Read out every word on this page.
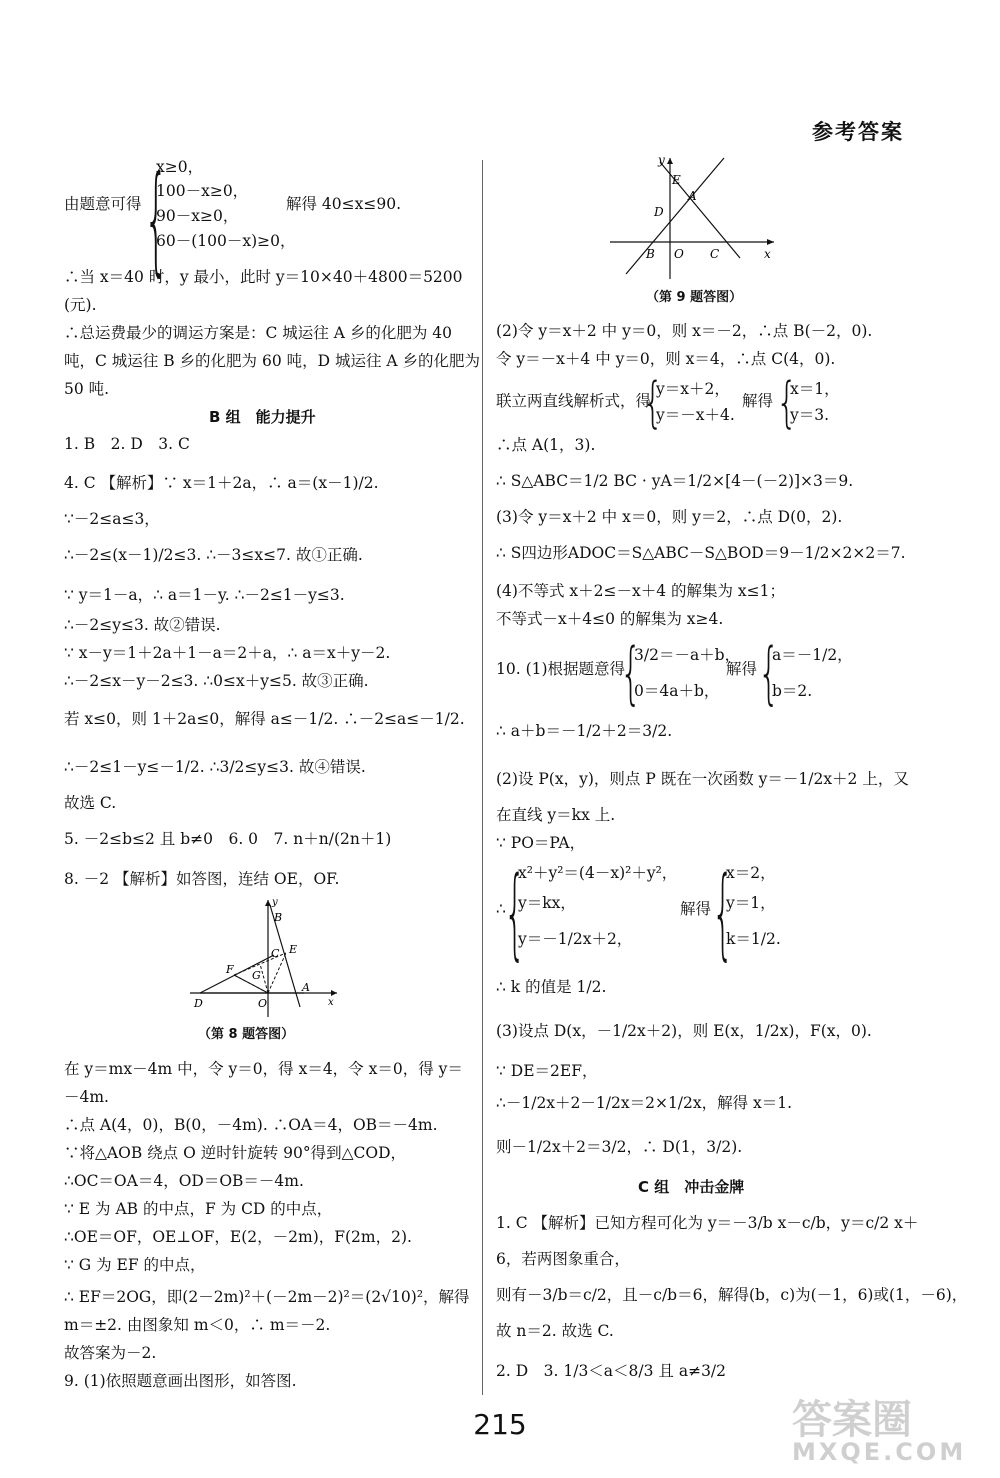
参考答案
由题意可得 {
x≥0，
100－x≥0，
90－x≥0，
60－(100－x)≥0，
解得 40≤x≤90.
∴当 x＝40 时，y 最小，此时 y＝10×40＋4800＝5200
(元).
∴总运费最少的调运方案是：C 城运往 A 乡的化肥为 40
吨，C 城运往 B 乡的化肥为 60 吨，D 城运往 A 乡的化肥为
50 吨.
B 组　能力提升
1. B　2. D　3. C
4. C 【解析】∵ x＝1＋2a，∴ a＝(x－1)/2.
∵－2≤a≤3，
∴－2≤(x－1)/2≤3. ∴－3≤x≤7. 故①正确.
∵ y＝1－a，∴ a＝1－y. ∴－2≤1－y≤3.
∴－2≤y≤3. 故②错误.
∵ x－y＝1＋2a＋1－a＝2＋a，∴ a＝x＋y－2.
∴－2≤x－y－2≤3. ∴0≤x＋y≤5. 故③正确.
若 x≤0，则 1＋2a≤0，解得 a≤－1/2. ∴－2≤a≤－1/2.
∴－2≤1－y≤－1/2. ∴3/2≤y≤3. 故④错误.
故选 C.
5. －2≤b≤2 且 b≠0　6. 0　7. n＋n/(2n＋1)
8. －2 【解析】如答图，连结 OE，OF.
y
B
C E
F G
D	O
A
x
（第 8 题答图）
在 y＝mx－4m 中，令 y＝0，得 x＝4，令 x＝0，得 y＝
－4m.
∴点 A(4，0)，B(0，－4m). ∴OA＝4，OB＝－4m.
∵将△AOB 绕点 O 逆时针旋转 90°得到△COD，
∴OC＝OA＝4，OD＝OB＝－4m.
∵ E 为 AB 的中点，F 为 CD 的中点，
∴OE＝OF，OE⊥OF，E(2，－2m)，F(2m，2).
∵ G 为 EF 的中点，
∴ EF＝2OG，即(2－2m)²＋(－2m－2)²＝(2√10)²，解得
m＝±2. 由图象知 m＜0，∴ m＝－2.
故答案为－2.
9. (1)依照题意画出图形，如答图.
y
E
A
D
B O C	x
（第 9 题答图）
(2)令 y＝x＋2 中 y＝0，则 x＝－2，∴点 B(－2，0).
令 y＝－x＋4 中 y＝0，则 x＝4，∴点 C(4，0).
联立两直线解析式，得
{
y＝x＋2，
y＝－x＋4.
解得 {
x＝1，
y＝3.
∴点 A(1，3).
∴ S△ABC＝1/2 BC · yA＝1/2×[4－(－2)]×3＝9.
(3)令 y＝x＋2 中 x＝0，则 y＝2，∴点 D(0，2).
∴ S四边形ADOC＝S△ABC－S△BOD＝9－1/2×2×2＝7.
(4)不等式 x＋2≤－x＋4 的解集为 x≤1；
不等式－x＋4≤0 的解集为 x≥4.
10. (1)根据题意得
{
3/2＝－a＋b，
0＝4a＋b，
解得 {
a＝－1/2，
b＝2.
∴ a＋b＝－1/2＋2＝3/2.
(2)设 P(x，y)，则点 P 既在一次函数 y＝－1/2x＋2 上，又
在直线 y＝kx 上.
∵ PO＝PA，
∴
{
x²＋y²＝(4－x)²＋y²，
y＝kx，
y＝－1/2x＋2，
解得 {
x＝2，
y＝1，
k＝1/2.
∴ k 的值是 1/2.
(3)设点 D(x，－1/2x＋2)，则 E(x，1/2x)，F(x，0).
∵ DE＝2EF，
∴－1/2x＋2－1/2x＝2×1/2x，解得 x＝1.
则－1/2x＋2＝3/2，∴ D(1，3/2).
C 组　冲击金牌
1. C 【解析】已知方程可化为 y＝－3/b x－c/b，y＝c/2 x＋
6，若两图象重合，
则有－3/b＝c/2，且－c/b＝6，解得(b，c)为(－1，6)或(1，－6)，
故 n＝2. 故选 C.
2. D　3. 1/3＜a＜8/3 且 a≠3/2
215	答案圈
MXQE.COM
